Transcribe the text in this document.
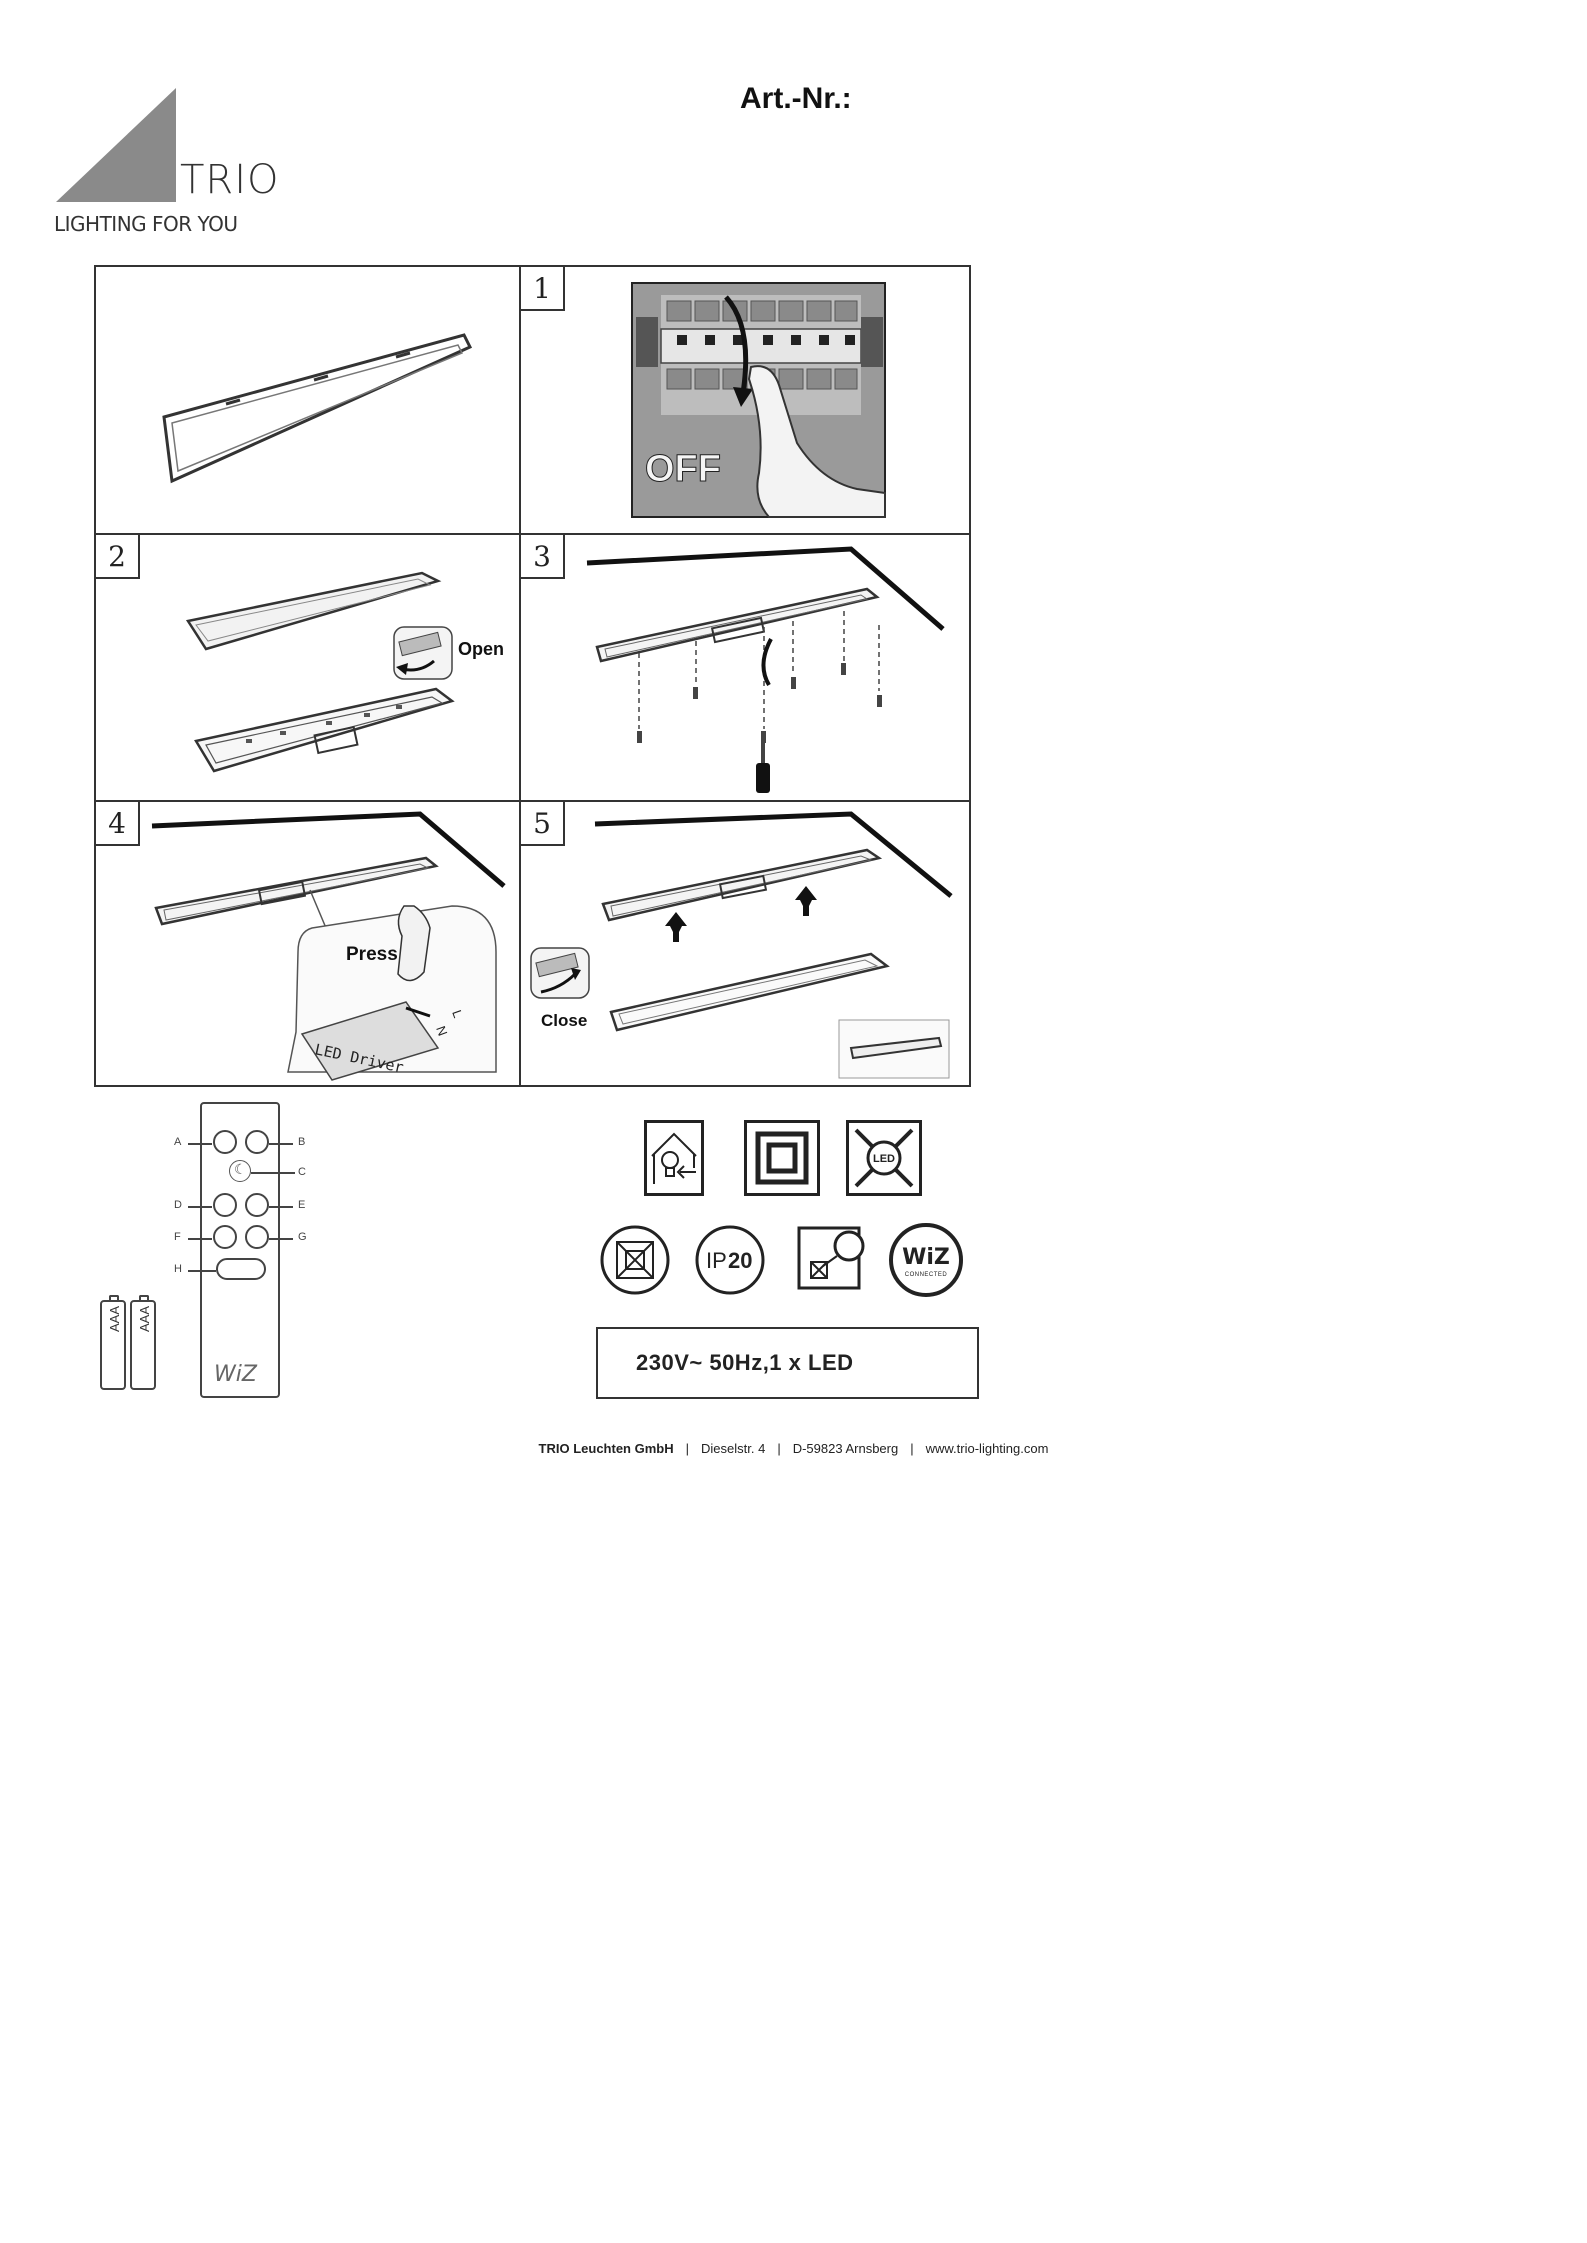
TRIO
LIGHTING FOR YOU
Art.-Nr.:
1
OFF
2
Open
3
4
LED Driver
L
N
Press
5
Close
☾
WiZ
A	B
C
D	E
F	G
H
AAA	AAA
LED
IP 20	WiZ
CONNECTED
230V~ 50Hz,1 x LED
TRIO Leuchten GmbH | Dieselstr. 4 | D-59823 Arnsberg | www.trio-lighting.com
